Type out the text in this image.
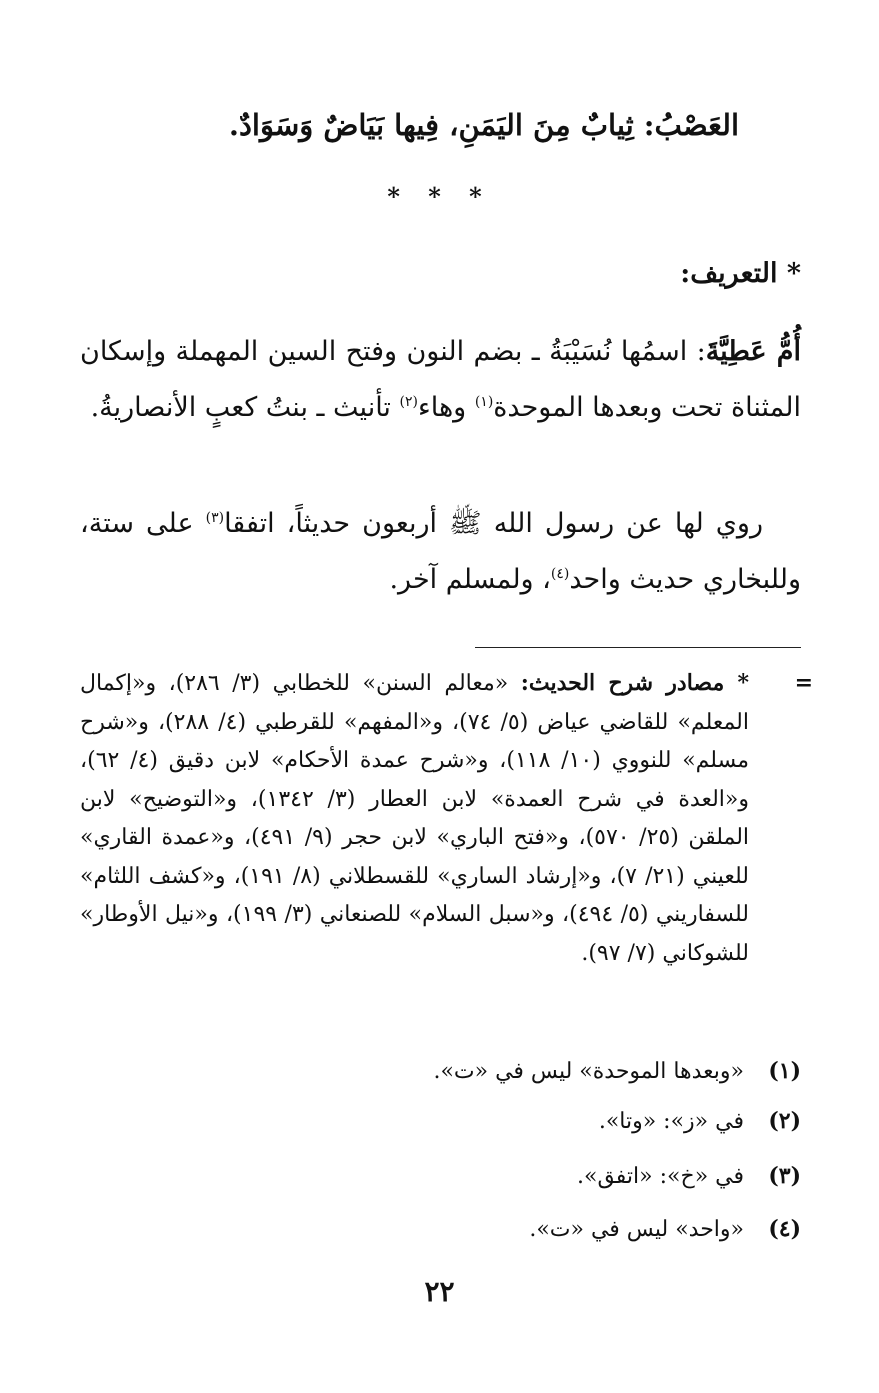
العَصْبُ: ثِيابٌ مِنَ اليَمَنِ، فِيها بَيَاضٌ وَسَوَادٌ.
* * *
* التعريف:

أُمُّ عَطِيَّةَ: اسمُها نُسَيْبَةُ ـ بضم النون وفتح السين المهملة وإسكان المثناة تحت وبعدها الموحدة$^{(١)}$ وهاء$^{(٢)}$ تأنيث ـ بنتُ كعبٍ الأنصاريةُ.

روي لها عن رسول الله ﷺ أربعون حديثاً، اتفقا$^{(٣)}$ على ستة، وللبخاري حديث واحد$^{(٤)}$، ولمسلم آخر.

=
* مصادر شرح الحديث: «معالم السنن» للخطابي (٣/ ٢٨٦)، و«إكمال المعلم» للقاضي عياض (٥/ ٧٤)، و«المفهم» للقرطبي (٤/ ٢٨٨)، و«شرح مسلم» للنووي (١٠/ ١١٨)، و«شرح عمدة الأحكام» لابن دقيق (٤/ ٦٢)، و«العدة في شرح العمدة» لابن العطار (٣/ ١٣٤٢)، و«التوضيح» لابن الملقن (٢٥/ ٥٧٠)، و«فتح الباري» لابن حجر (٩/ ٤٩١)، و«عمدة القاري» للعيني (٢١/ ٧)، و«إرشاد الساري» للقسطلاني (٨/ ١٩١)، و«كشف اللثام» للسفاريني (٥/ ٤٩٤)، و«سبل السلام» للصنعاني (٣/ ١٩٩)، و«نيل الأوطار» للشوكاني (٧/ ٩٧).
(١) «وبعدها الموحدة» ليس في «ت».
(٢) في «ز»: «وتا».
(٣) في «خ»: «اتفق».
(٤) «واحد» ليس في «ت».
٢٢
